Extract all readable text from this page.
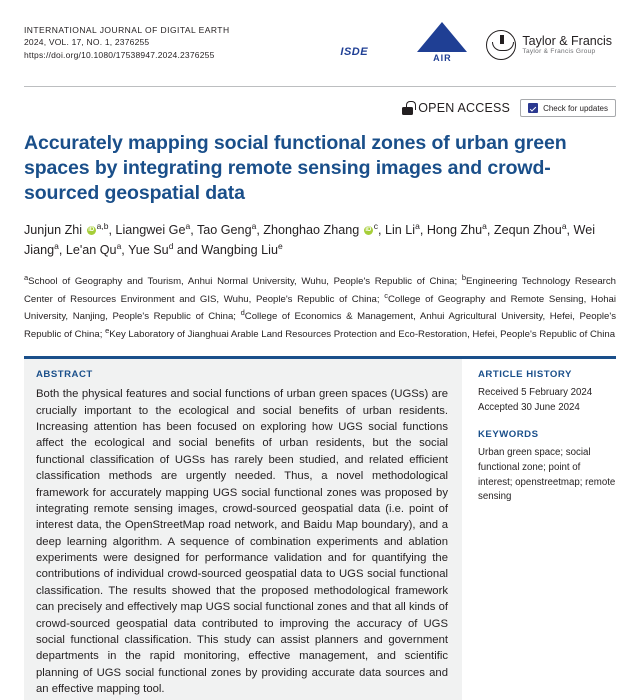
INTERNATIONAL JOURNAL OF DIGITAL EARTH
2024, VOL. 17, NO. 1, 2376255
https://doi.org/10.1080/17538947.2024.2376255	ISDE	AIR
Taylor & Francis
Taylor & Francis Group
OPEN ACCESS	Check for updates
Accurately mapping social functional zones of urban green spaces by integrating remote sensing images and crowd-sourced geospatial data
Junjun Zhi iD$^{a,b}$, Liangwei Ge$^a$, Tao Geng$^a$, Zhonghao Zhang $iD^c$, Lin Li$^a$, Hong Zhu$^a$, Zequn Zhou$^a$, Wei Jiang$^a$, Le'an Qu$^a$, Yue Su$^d$ and Wangbing Liu$^e$
$^a$School of Geography and Tourism, Anhui Normal University, Wuhu, People's Republic of China; $^b$Engineering Technology Research Center of Resources Environment and GIS, Wuhu, People's Republic of China; $^c$College of Geography and Remote Sensing, Hohai University, Nanjing, People's Republic of China; $^d$College of Economics & Management, Anhui Agricultural University, Hefei, People's Republic of China; $^e$Key Laboratory of Jianghuai Arable Land Resources Protection and Eco-Restoration, Hefei, People's Republic of China
ABSTRACT
Both the physical features and social functions of urban green spaces (UGSs) are crucially important to the ecological and social benefits of urban residents. Increasing attention has been focused on exploring how UGS social functions affect the ecological and social benefits of urban residents, but the social functional classification of UGSs has rarely been studied, and related efficient classification methods are urgently needed. Thus, a novel methodological framework for accurately mapping UGS social functional zones was proposed by integrating remote sensing images, crowd-sourced geospatial data (i.e. point of interest data, the OpenStreetMap road network, and Baidu Map boundary), and a deep learning algorithm. A sequence of combination experiments and ablation experiments were designed for performance validation and for quantifying the contributions of individual crowd-sourced geospatial data to UGS social functional classification. The results showed that the proposed methodological framework can precisely and effectively map UGS social functional zones and that all kinds of crowd-sourced geospatial data contributed to improving the accuracy of UGS social functional classification. This study can assist planners and government departments in the rapid monitoring, effective management, and scientific planning of UGS social functional zones by providing accurate data sources and an effective mapping tool.
ARTICLE HISTORY
Received 5 February 2024
Accepted 30 June 2024
KEYWORDS
Urban green space; social functional zone; point of interest; openstreetmap; remote sensing
